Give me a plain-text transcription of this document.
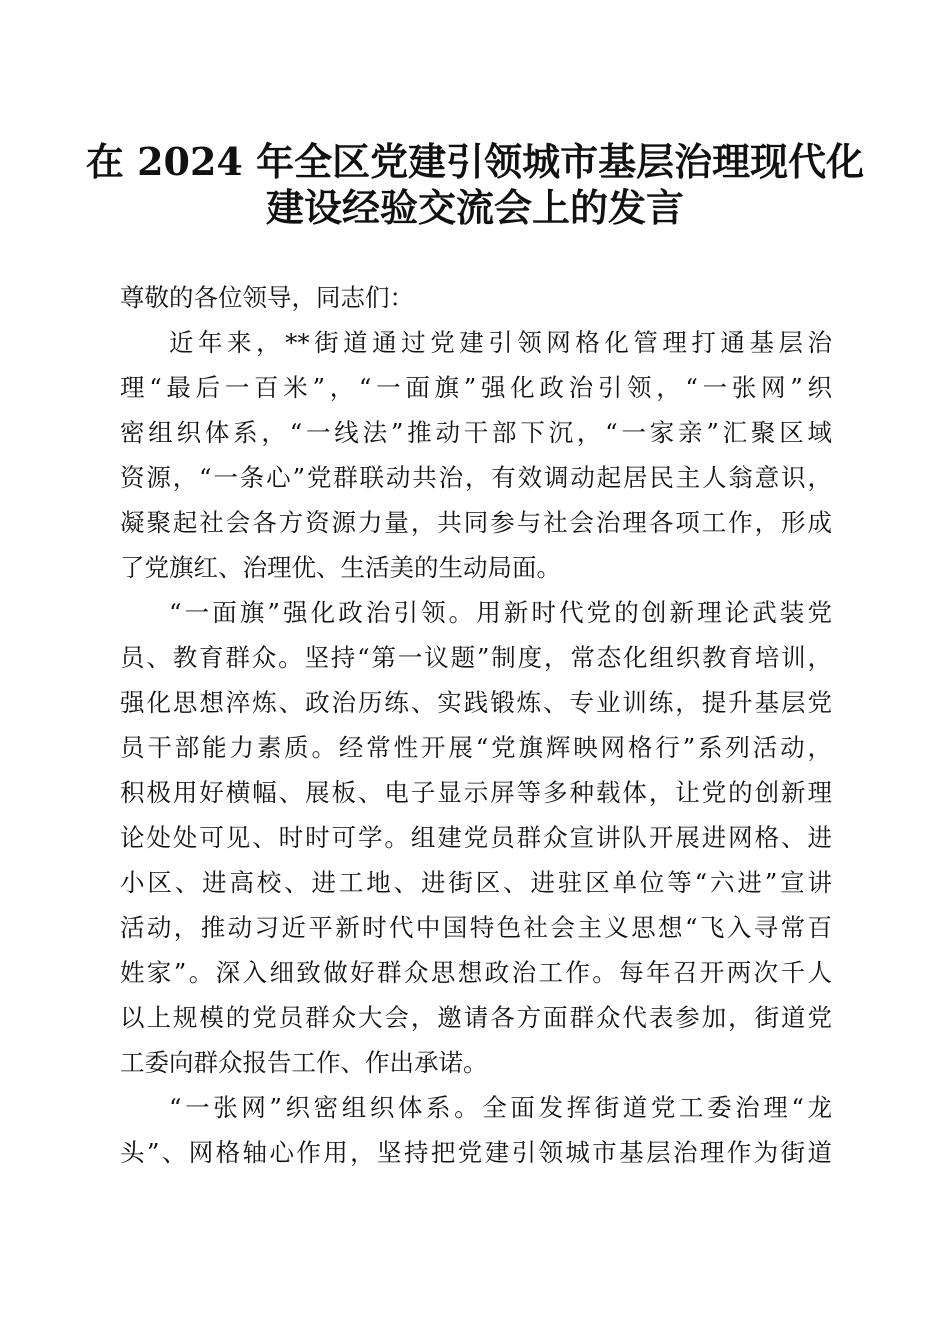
在 2024 年全区党建引领城市基层治理现代化
建设经验交流会上的发言
尊敬的各位领导，同志们：
近年来，**街道通过党建引领网格化管理打通基层治
理“最后一百米”，“一面旗”强化政治引领，“一张网”织
密组织体系，“一线法”推动干部下沉，“一家亲”汇聚区域
资源，“一条心”党群联动共治，有效调动起居民主人翁意识，
凝聚起社会各方资源力量，共同参与社会治理各项工作，形成
了党旗红、治理优、生活美的生动局面。
“一面旗”强化政治引领。用新时代党的创新理论武装党
员、教育群众。坚持“第一议题”制度，常态化组织教育培训，
强化思想淬炼、政治历练、实践锻炼、专业训练，提升基层党
员干部能力素质。经常性开展“党旗辉映网格行”系列活动，
积极用好横幅、展板、电子显示屏等多种载体，让党的创新理
论处处可见、时时可学。组建党员群众宣讲队开展进网格、进
小区、进高校、进工地、进街区、进驻区单位等“六进”宣讲
活动，推动习近平新时代中国特色社会主义思想“飞入寻常百
姓家”。深入细致做好群众思想政治工作。每年召开两次千人
以上规模的党员群众大会，邀请各方面群众代表参加，街道党
工委向群众报告工作、作出承诺。
“一张网”织密组织体系。全面发挥街道党工委治理“龙
头”、网格轴心作用，坚持把党建引领城市基层治理作为街道
